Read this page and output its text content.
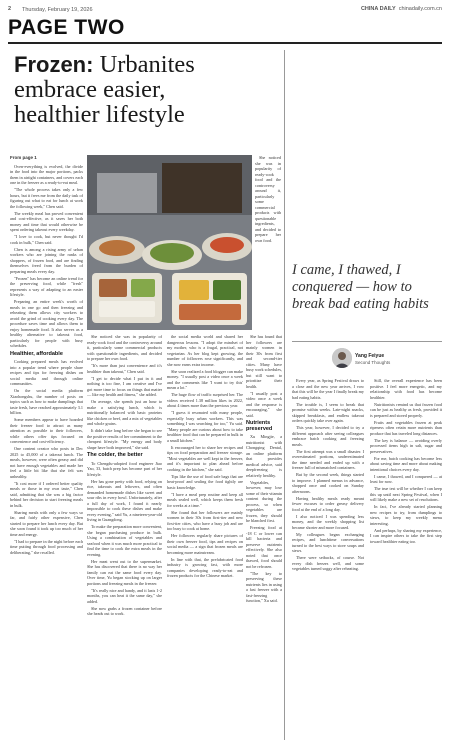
2 Thursday, February 19, 2026	CHINA DAILY chinadaily.com.cn
PAGE TWO
Frozen: Urbanites embrace easier, healthier lifestyle
From page 1

Oven-everything is evolved, the divide in the food into the major portions, packs them in airtight containers, and covers each one in the freezer as a ready-to-eat meal.

"The whole process takes only a few hours, but it frees me from the daily task of figuring out what to eat for lunch at work the following week," Chen said.

The weekly meal has proved convenient and cost-effective, as it saves her both money and time that would otherwise be spent ordering takeout every weekday.

"I love to cook, but never thought I'd cook in bulk," Chen said.

Chen is among a rising army of urban workers who are joining the ranks of shoppers, of frozen food, and are finding themselves freed from the burden of preparing meals every day.

"Frozen" has become an online trend for the preserving food, while "fresh" represents a way of adapting to an easier lifestyle.

Preparing an entire week's worth of meals in one go and then freezing and reheating them allows city workers to avoid the grind of cooking every day. The procedure saves time and allows them to enjoy homemade food. It also serves as a healthy alternative to takeout food, particularly for people with busy schedules.

Healthier, affordable

Cooking prepared meals has evolved into a popular trend where people share recipes and tips for freezing dishes on social media and through online communities.

On the social media platform Xiaohongshu, the number of posts on topics such as how to make dumplings that taste fresh, have reached approximately 3.1 billion.

Some members appear to have hoarded their freezer food to attract as many attention as possible to their followers, while others offer tips focused on convenience and cost-efficiency.

One content creator who posts in Dec 2025 to 45,000 of a takeout lunch. The meals, however, were often greasy and did not have enough vegetables and made her feel a little bit like that she felt was unhealthy.

"It cost more if I ordered better quality meals or those in my own taste," Chen said, admitting that she was a big factor behind her decision to start freezing meals in bulk.

Sharing meals with only a few ways so far, and fairly other expensive, Chen started to prepare her lunch every day. But she soon found it took up too much of her time and energy.

"I had to prepare in the night before each time putting through food processing and deliberating," she recalled.

She noticed she was in popularity of ready-cook food and the controversy around it, particularly some commercial products with questionable ingredients, and decided to prepare her own food.

"It's more than just convenience and it's healthier than takeout," Chen said.

"I get to decide what I put in it and nothing is too fine, I am creative and I've got more time to focus on things that matter — like my health and fitness," she added.

On average, she spends just an hour to make a satisfying lunch, which is nutritionally balanced with basic proteins like chicken or beef, and a mix of vegetables and whole grains.

It didn't take long before she began to see the positive results of her commitment to the cheapest lifestyle. "My energy and body shape have both improved," she said.

The colder, the better

To Chengdu-adopted food engineer Jiao Yao, 33, batch prep has become part of her lifestyle.

Her has gone pretty with food, relying on rice, takeouts and leftovers, and often demanded homemade dishes like sweet and sour ribs in every bowl. Unfortunately, after a full day of work, I found it nearly impossible to cook these dishes and make every evening," said Yu, a nineteen-year-old living in Guangdong.

To make the preparation more convenient, she began purchasing produce in bulk. Using a combination of vegetables and seafood when it was much more practical to find the time to cook the extra meals in the evening.

Her meat went out to the supermarket. She has discovered that there is no way her family can eat the same food every day. Over time, Yu began stocking up on larger portions and freezing meals in the freezer.

"It's really nice and handy, and it lasts 1-2 months, you can heat it the same day," she added.

She now grabs a frozen container before she heads out to work.

the social media world and shared her dangerous lessons. "I adopt the mindset of my mother, who is a frugal, practical, not vegetarian. As her blog kept growing, the number of followers rose significantly, and she now earns extra income.

She soon realized a food blogger can make money. "I usually post a video once a week and the comments like 'I want to try this' mean a lot."

The huge flow of traffic surprised her. The videos received 1.38 million likes in 2022, about 4 times more than the previous year.

"I guess it resonated with many people, especially busy urban workers. This was something I was searching for too," Yu said. "Many people are curious about how to take healthier food that can be prepared in bulk in a small kitchen."

It encouraged her to share her recipes and tips on food preparation and freezer storage. "Most vegetables are well kept in the freezer, and it's important to plan ahead before cooking in the kitchen," she said.

Tips like the use of food safe bags that are heat-proof and sealing the food tightly are basic knowledge.

"I have a meal prep routine and keep all meals sealed well, which keeps them fresh for weeks at a time."

She found that her followers are mainly women in their 30s from first-tier and new first-tier cities, who have a busy job and are too busy to cook at home.

Her followers regularly share pictures of their own freezer food, tips and recipes on social media — a sign that frozen meals are becoming more mainstream.

In line with that, the prefabricated food industry is growing fast, with more companies developing ready-to-eat and frozen products for the Chinese market.

She has found that her followers are mainly women in their 30s from first and second-tier cities. Many have busy work schedules, but still want to prioritize their health.

"I usually post a video once a week and the response is encouraging," she said.

Nutrients preserved

Xu Mingjie, a nutritionist with Chongqing Dental, an online platform that provides medical advice, said deepfreezing is relatively healthy.

Vegetables, however, may lose some of their vitamin content during the process, so when vegetables are frozen, they should be blanched first.

Freezing food at -18 C or lower can kill bacteria and preserve nutrients effectively. She also noted that once thawed, food should not be refrozen.

"The key to preserving these nutrients lies in using a fast freezer with a fast-freezing function," Xu said.

She noticed she was in popularity of ready-cook food and the controversy around it, particularly some commercial products with questionable ingredients, and decided to prepare her own food.

I came, I thawed, I conquered — how to break bad eating habits
Yang Feiyue
Second Thoughts

Every year, as Spring Festival draws to a close and the new year arrives, I vow that this will be the year I finally break my bad eating habits.

The trouble is, I seem to break that promise within weeks. Late-night snacks, skipped breakfasts, and endless takeout orders quickly take over again.

This year, however, I decided to try a different approach after seeing colleagues embrace batch cooking and freezing meals.

The first attempt was a small disaster. I overestimated portions, underestimated the time needed and ended up with a freezer full of mismatched containers.

But by the second week, things started to improve. I planned menus in advance, shopped once and cooked on Sunday afternoons.

Having healthy meals ready meant fewer excuses to order greasy delivery food at the end of a long day.

I also noticed I was spending less money, and the weekly shopping list became shorter and more focused.

My colleagues began exchanging recipes, and lunchtime conversations turned to the best ways to store soups and stews.

There were setbacks, of course. Not every dish freezes well, and some vegetables turned soggy after reheating.

Still, the overall experience has been positive. I feel more energetic, and my relationship with food has become healthier.

Nutritionists remind us that frozen food can be just as healthy as fresh, provided it is prepared and stored properly.

Fruits and vegetables frozen at peak ripeness often retain more nutrients than produce that has traveled long distances.

The key is balance — avoiding overly processed items high in salt, sugar and preservatives.

For me, batch cooking has become less about saving time and more about making intentional choices every day.

I came, I thawed, and I conquered — at least for now.

The true test will be whether I can keep this up until next Spring Festival, when I will likely make a new set of resolutions.

In fact, I've already started planning new recipes to try, from dumplings to stews, to keep my weekly menu interesting.

And perhaps, by sharing my experience, I can inspire others to take the first step toward healthier eating too.
